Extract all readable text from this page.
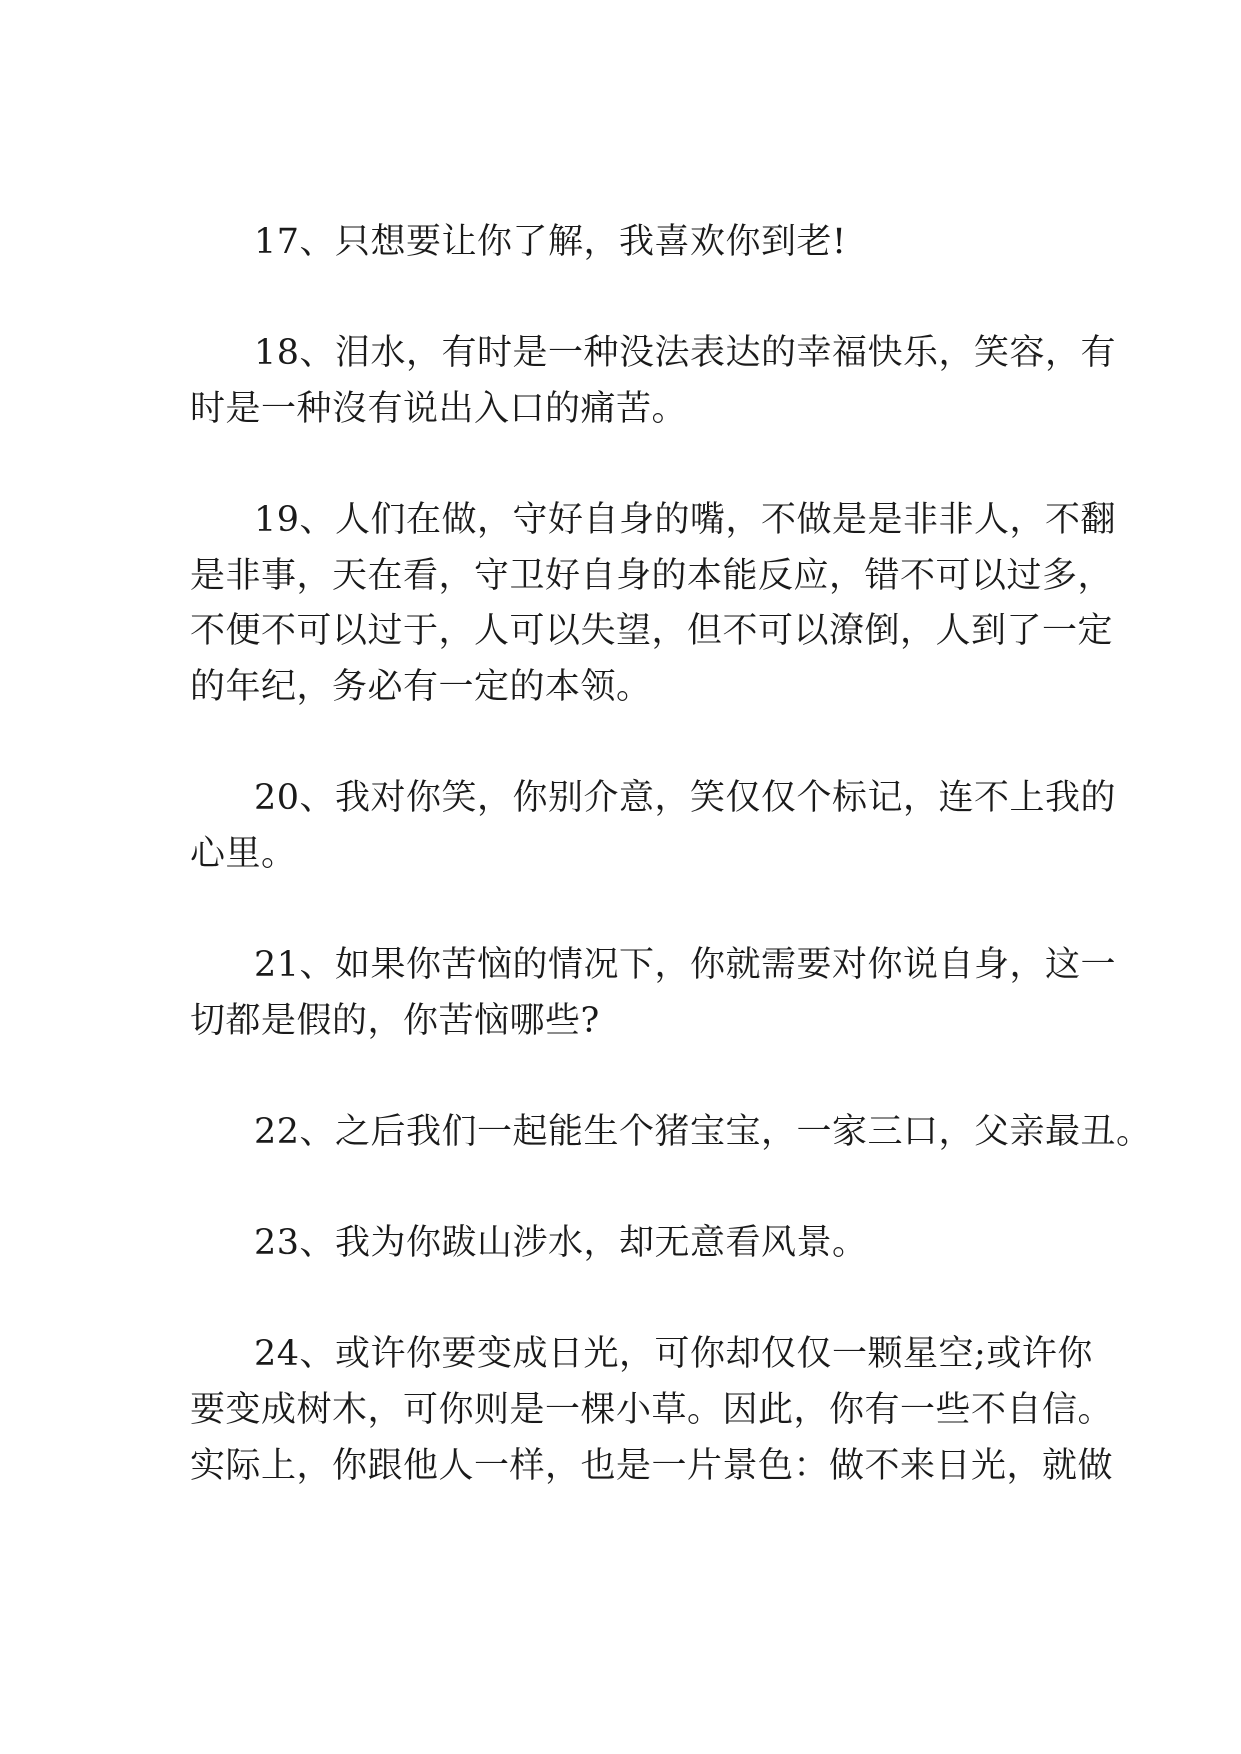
17、只想要让你了解，我喜欢你到老!

18、泪水，有时是一种没法表达的幸福快乐，笑容，有

时是一种沒有说出入口的痛苦。

19、人们在做，守好自身的嘴，不做是是非非人，不翻

是非事，天在看，守卫好自身的本能反应，错不可以过多，

不便不可以过于，人可以失望，但不可以潦倒，人到了一定

的年纪，务必有一定的本领。

20、我对你笑，你别介意，笑仅仅个标记，连不上我的

心里。

21、如果你苦恼的情况下，你就需要对你说自身，这一

切都是假的，你苦恼哪些?

22、之后我们一起能生个猪宝宝，一家三口，父亲最丑。

23、我为你跋山涉水，却无意看风景。

24、或许你要变成日光，可你却仅仅一颗星空;或许你

要变成树木，可你则是一棵小草。因此，你有一些不自信。

实际上，你跟他人一样，也是一片景色：做不来日光，就做
